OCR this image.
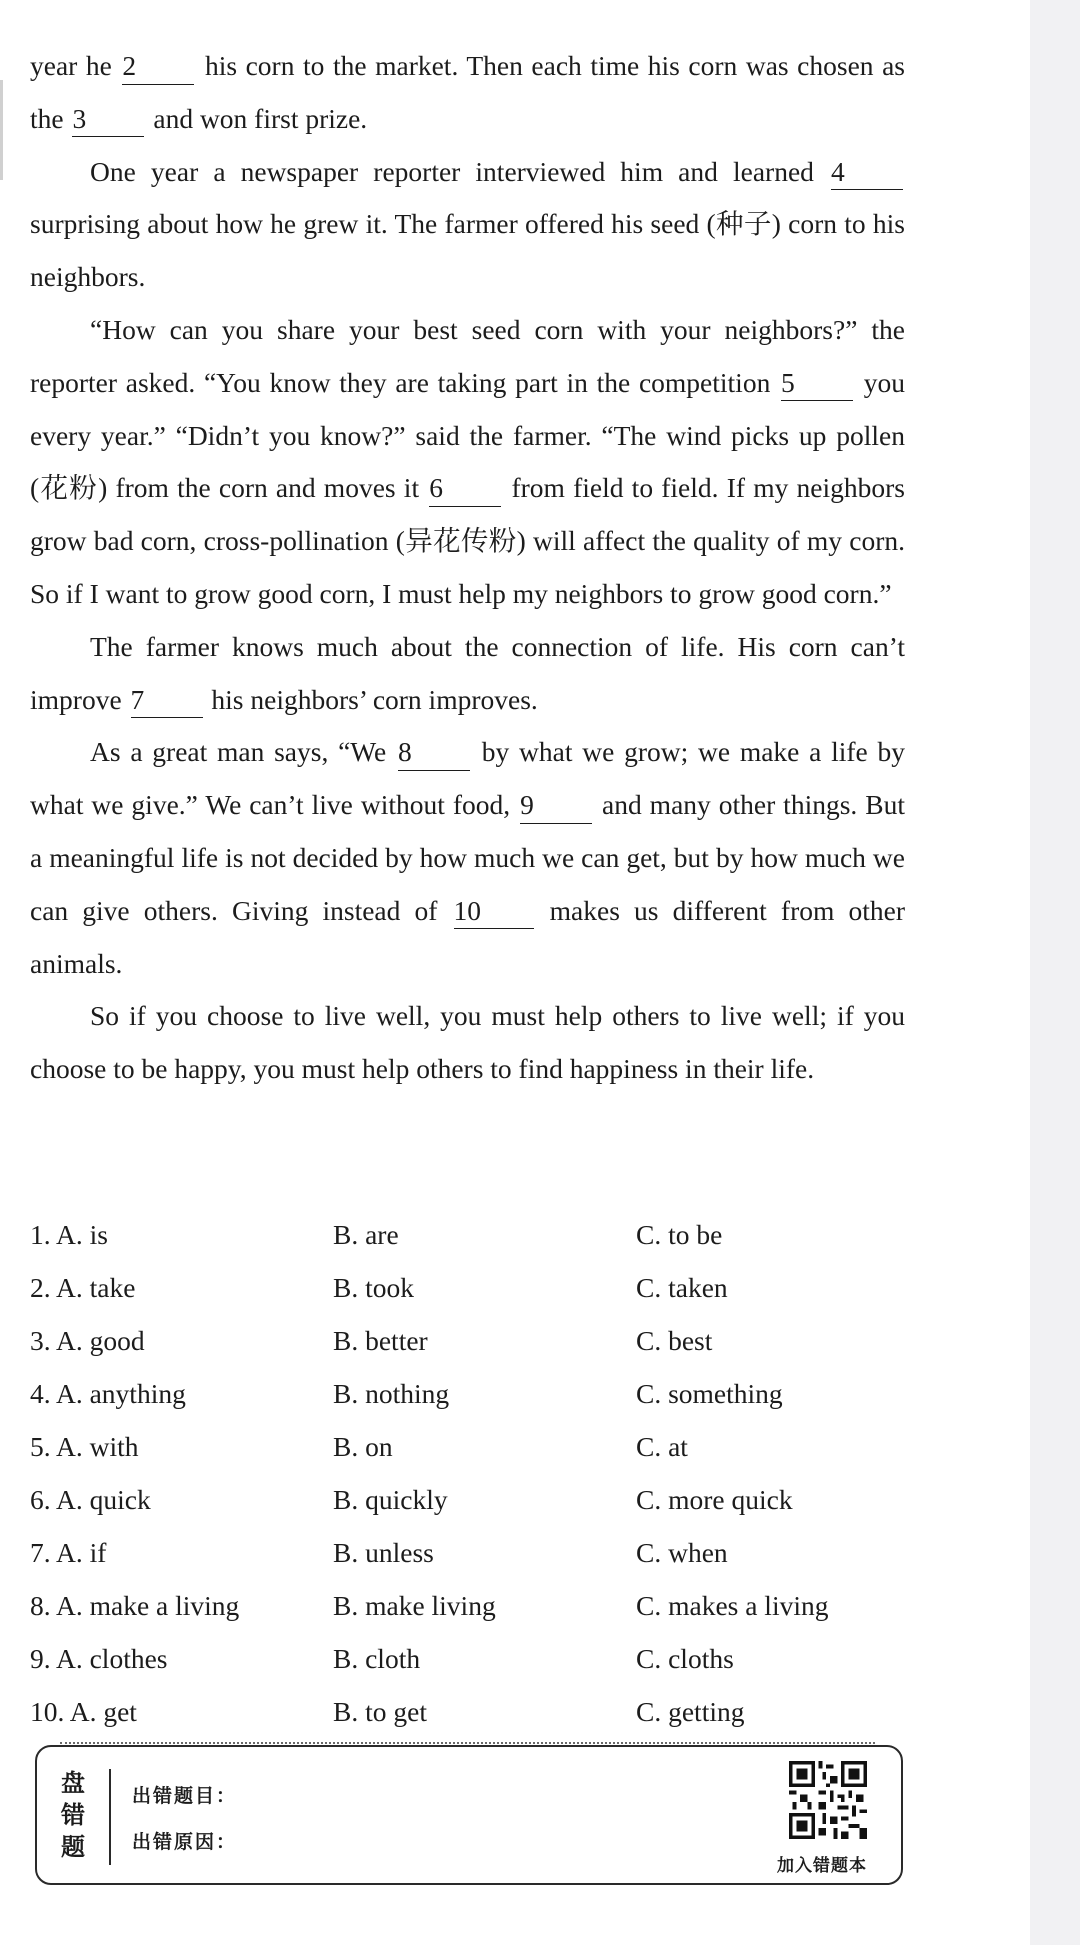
year he 2 his corn to the market. Then each time his corn was chosen as the 3 and won first prize.

One year a newspaper reporter interviewed him and learned 4 surprising about how he grew it. The farmer offered his seed (种子) corn to his neighbors.

“How can you share your best seed corn with your neighbors?” the reporter asked. “You know they are taking part in the competition 5 you every year.” “Didn’t you know?” said the farmer. “The wind picks up pollen (花粉) from the corn and moves it 6 from field to field. If my neighbors grow bad corn, cross-pollination (异花传粉) will affect the quality of my corn. So if I want to grow good corn, I must help my neighbors to grow good corn.”

The farmer knows much about the connection of life. His corn can’t improve 7 his neighbors’ corn improves.

As a great man says, “We 8 by what we grow; we make a life by what we give.” We can’t live without food, 9 and many other things. But a meaningful life is not decided by how much we can get, but by how much we can give others. Giving instead of 10 makes us different from other animals.

So if you choose to live well, you must help others to live well; if you choose to be happy, you must help others to find happiness in their life.

1. A. is	B. are	C. to be
2. A. take	B. took	C. taken
3. A. good	B. better	C. best
4. A. anything	B. nothing	C. something
5. A. with	B. on	C. at
6. A. quick	B. quickly	C. more quick
7. A. if	B. unless	C. when
8. A. make a living	B. make living	C. makes a living
9. A. clothes	B. cloth	C. cloths
10. A. get	B. to get	C. getting
盘错题
出错题目：
出错原因：
加入错题本
